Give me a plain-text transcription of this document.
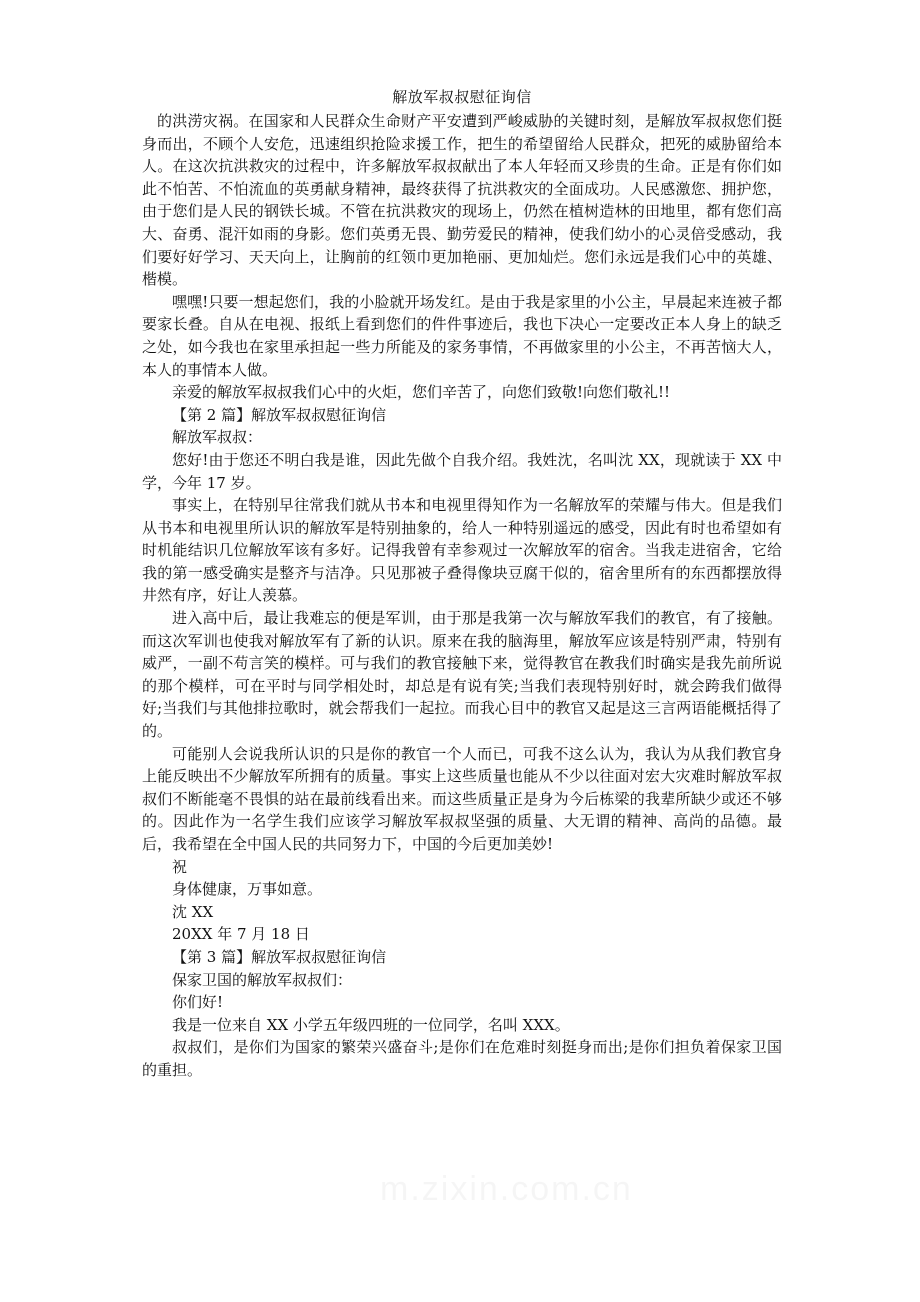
解放军叔叔慰征询信

的洪涝灾祸。在国家和人民群众生命财产平安遭到严峻威胁的关键时刻，是解放军叔叔您们挺身而出，不顾个人安危，迅速组织抢险求援工作，把生的希望留给人民群众，把死的威胁留给本人。在这次抗洪救灾的过程中，许多解放军叔叔献出了本人年轻而又珍贵的生命。正是有你们如此不怕苦、不怕流血的英勇献身精神，最终获得了抗洪救灾的全面成功。人民感激您、拥护您，由于您们是人民的钢铁长城。不管在抗洪救灾的现场上，仍然在植树造林的田地里，都有您们高大、奋勇、混汗如雨的身影。您们英勇无畏、勤劳爱民的精神，使我们幼小的心灵倍受感动，我们要好好学习、天天向上，让胸前的红领巾更加艳丽、更加灿烂。您们永远是我们心中的英雄、楷模。

嘿嘿!只要一想起您们，我的小脸就开场发红。是由于我是家里的小公主，早晨起来连被子都要家长叠。自从在电视、报纸上看到您们的件件事迹后，我也下决心一定要改正本人身上的缺乏之处，如今我也在家里承担起一些力所能及的家务事情，不再做家里的小公主，不再苦恼大人，本人的事情本人做。

亲爱的解放军叔叔我们心中的火炬，您们辛苦了，向您们致敬!向您们敬礼!!

【第 2 篇】解放军叔叔慰征询信

解放军叔叔：

您好!由于您还不明白我是谁，因此先做个自我介绍。我姓沈，名叫沈 XX，现就读于 XX 中学，今年 17 岁。

事实上，在特别早往常我们就从书本和电视里得知作为一名解放军的荣耀与伟大。但是我们从书本和电视里所认识的解放军是特别抽象的，给人一种特别遥远的感受，因此有时也希望如有时机能结识几位解放军该有多好。记得我曾有幸参观过一次解放军的宿舍。当我走进宿舍，它给我的第一感受确实是整齐与洁净。只见那被子叠得像块豆腐干似的，宿舍里所有的东西都摆放得井然有序，好让人羡慕。

进入高中后，最让我难忘的便是军训，由于那是我第一次与解放军我们的教官，有了接触。而这次军训也使我对解放军有了新的认识。原来在我的脑海里，解放军应该是特别严肃，特别有威严，一副不苟言笑的模样。可与我们的教官接触下来，觉得教官在教我们时确实是我先前所说的那个模样，可在平时与同学相处时，却总是有说有笑;当我们表现特别好时，就会跨我们做得好;当我们与其他排拉歌时，就会帮我们一起拉。而我心目中的教官又起是这三言两语能概括得了的。

可能别人会说我所认识的只是你的教官一个人而已，可我不这么认为，我认为从我们教官身上能反映出不少解放军所拥有的质量。事实上这些质量也能从不少以往面对宏大灾难时解放军叔叔们不断能毫不畏惧的站在最前线看出来。而这些质量正是身为今后栋梁的我辈所缺少或还不够的。因此作为一名学生我们应该学习解放军叔叔坚强的质量、大无谓的精神、高尚的品德。最后，我希望在全中国人民的共同努力下，中国的今后更加美妙!

祝

身体健康，万事如意。

沈 XX

20XX 年 7 月 18 日

【第 3 篇】解放军叔叔慰征询信

保家卫国的解放军叔叔们：

你们好!

我是一位来自 XX 小学五年级四班的一位同学，名叫 XXX。

叔叔们，是你们为国家的繁荣兴盛奋斗;是你们在危难时刻挺身而出;是你们担负着保家卫国的重担。
